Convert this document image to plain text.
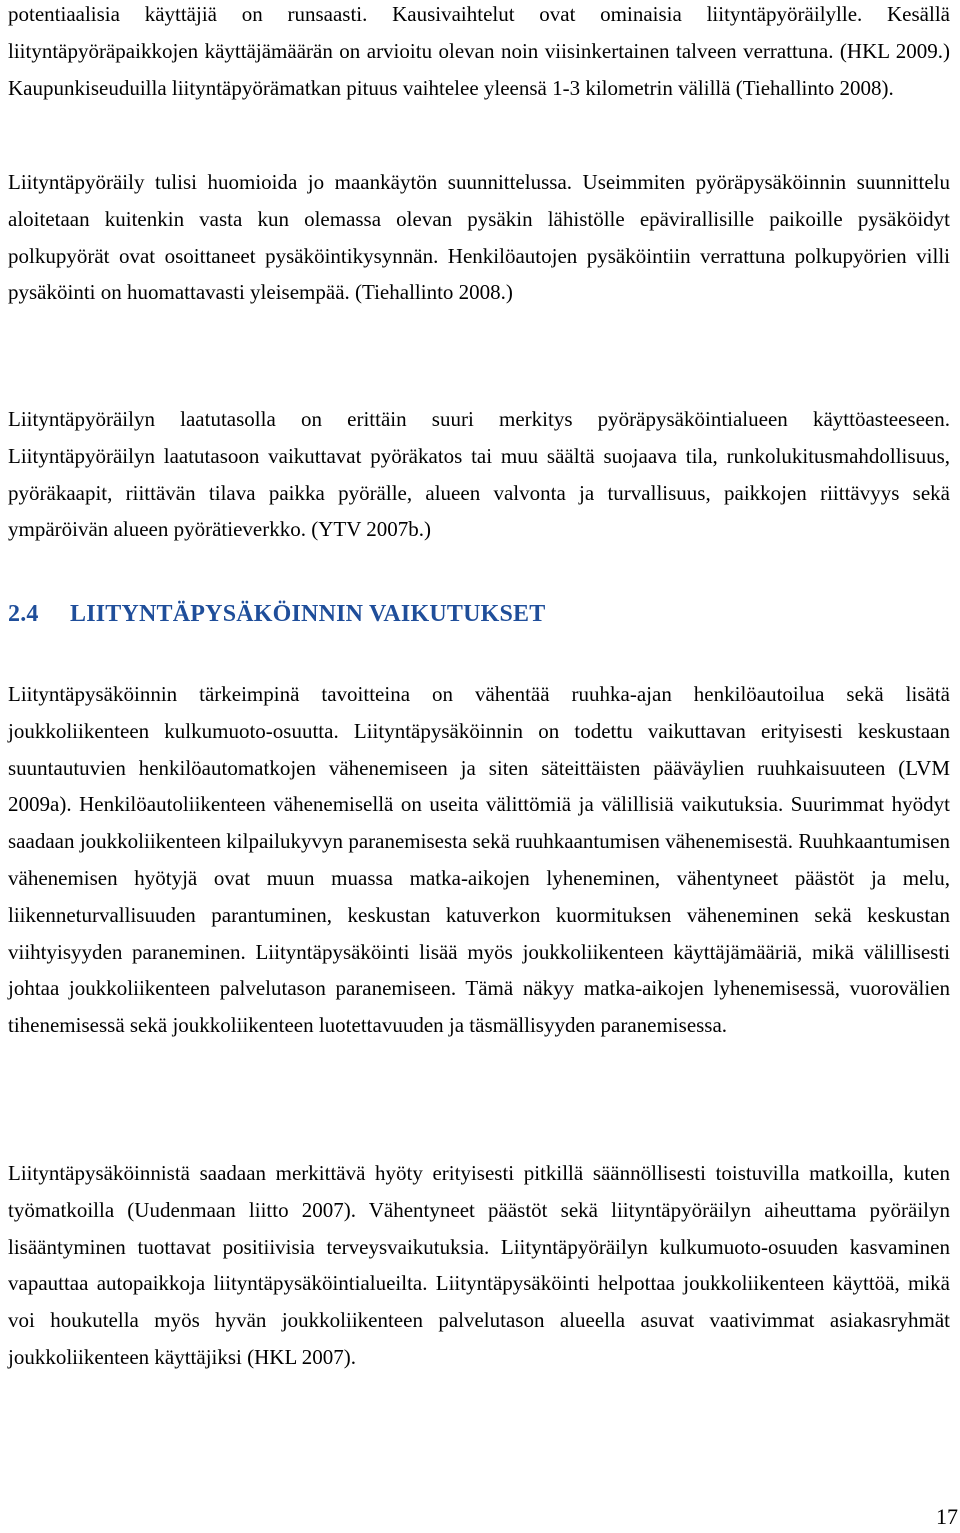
potentiaalisia käyttäjiä on runsaasti. Kausivaihtelut ovat ominaisia liityntäpyöräilylle. Kesällä liityntäpyöräpaikkojen käyttäjämäärän on arvioitu olevan noin viisinkertainen talveen verrattuna. (HKL 2009.) Kaupunkiseuduilla liityntäpyörämatkan pituus vaihtelee yleensä 1-3 kilometrin välillä (Tiehallinto 2008).

Liityntäpyöräily tulisi huomioida jo maankäytön suunnittelussa. Useimmiten pyöräpysäköinnin suunnittelu aloitetaan kuitenkin vasta kun olemassa olevan pysäkin lähistölle epävirallisille paikoille pysäköidyt polkupyörät ovat osoittaneet pysäköintikysynnän. Henkilöautojen pysäköintiin verrattuna polkupyörien villi pysäköinti on huomattavasti yleisempää. (Tiehallinto 2008.)

Liityntäpyöräilyn laatutasolla on erittäin suuri merkitys pyöräpysäköintialueen käyttöasteeseen. Liityntäpyöräilyn laatutasoon vaikuttavat pyöräkatos tai muu säältä suojaava tila, runkolukitusmahdollisuus, pyöräkaapit, riittävän tilava paikka pyörälle, alueen valvonta ja turvallisuus, paikkojen riittävyys sekä ympäröivän alueen pyörätieverkko. (YTV 2007b.)

2.4 LIITYNTÄPYSÄKÖINNIN VAIKUTUKSET

Liityntäpysäköinnin tärkeimpinä tavoitteina on vähentää ruuhka-ajan henkilöautoilua sekä lisätä joukkoliikenteen kulkumuoto-osuutta. Liityntäpysäköinnin on todettu vaikuttavan erityisesti keskustaan suuntautuvien henkilöautomatkojen vähenemiseen ja siten säteittäisten pääväylien ruuhkaisuuteen (LVM 2009a). Henkilöautoliikenteen vähenemisellä on useita välittömiä ja välillisiä vaikutuksia. Suurimmat hyödyt saadaan joukkoliikenteen kilpailukyvyn paranemisesta sekä ruuhkaantumisen vähenemisestä. Ruuhkaantumisen vähenemisen hyötyjä ovat muun muassa matka-aikojen lyheneminen, vähentyneet päästöt ja melu, liikenneturvallisuuden parantuminen, keskustan katuverkon kuormituksen väheneminen sekä keskustan viihtyisyyden paraneminen. Liityntäpysäköinti lisää myös joukkoliikenteen käyttäjämääriä, mikä välillisesti johtaa joukkoliikenteen palvelutason paranemiseen. Tämä näkyy matka-aikojen lyhenemisessä, vuorovälien tihenemisessä sekä joukkoliikenteen luotettavuuden ja täsmällisyyden paranemisessa.

Liityntäpysäköinnistä saadaan merkittävä hyöty erityisesti pitkillä säännöllisesti toistuvilla matkoilla, kuten työmatkoilla (Uudenmaan liitto 2007). Vähentyneet päästöt sekä liityntäpyöräilyn aiheuttama pyöräilyn lisääntyminen tuottavat positiivisia terveysvaikutuksia. Liityntäpyöräilyn kulkumuoto-osuuden kasvaminen vapauttaa autopaikkoja liityntäpysäköintialueilta. Liityntäpysäköinti helpottaa joukkoliikenteen käyttöä, mikä voi houkutella myös hyvän joukkoliikenteen palvelutason alueella asuvat vaativimmat asiakasryhmät joukkoliikenteen käyttäjiksi (HKL 2007).

17
